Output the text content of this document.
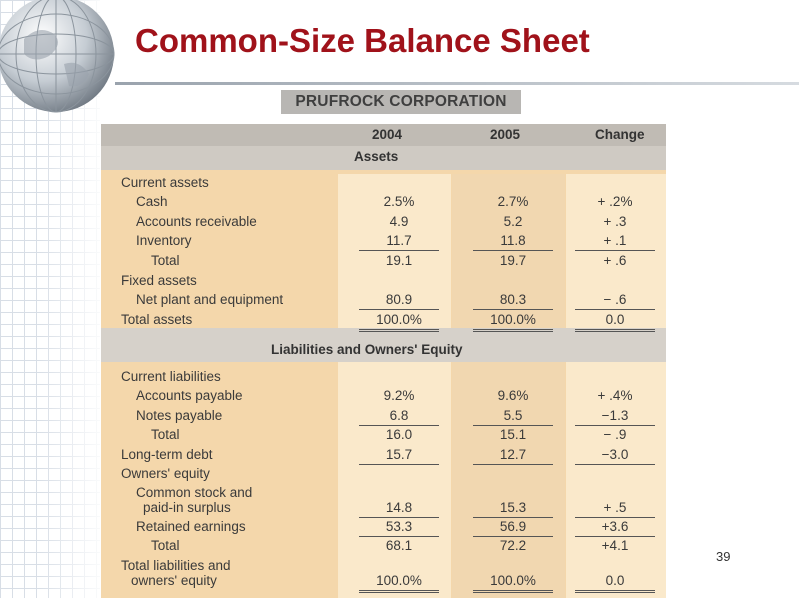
Common-Size Balance Sheet
PRUFROCK CORPORATION
2004	2005	Change
Assets
Liabilities and Owners' Equity
Current assets
Cash	2.5%	2.7%	+ .2%
Accounts receivable	4.9	5.2	+ .3
Inventory	11.7	11.8	+ .1
Total	19.1	19.7	+ .6
Fixed assets
Net plant and equipment	80.9	80.3	− .6
Total assets	100.0%	100.0%	0.0
Current liabilities
Accounts payable	9.2%	9.6%	+ .4%
Notes payable	6.8	5.5	−1.3
Total	16.0	15.1	− .9
Long-term debt	15.7	12.7	−3.0
Owners' equity
Common stock and
paid-in surplus	14.8	15.3	+ .5
Retained earnings	53.3	56.9	+3.6
Total	68.1	72.2	+4.1
Total liabilities and
owners' equity	100.0%	100.0%	0.0
39
